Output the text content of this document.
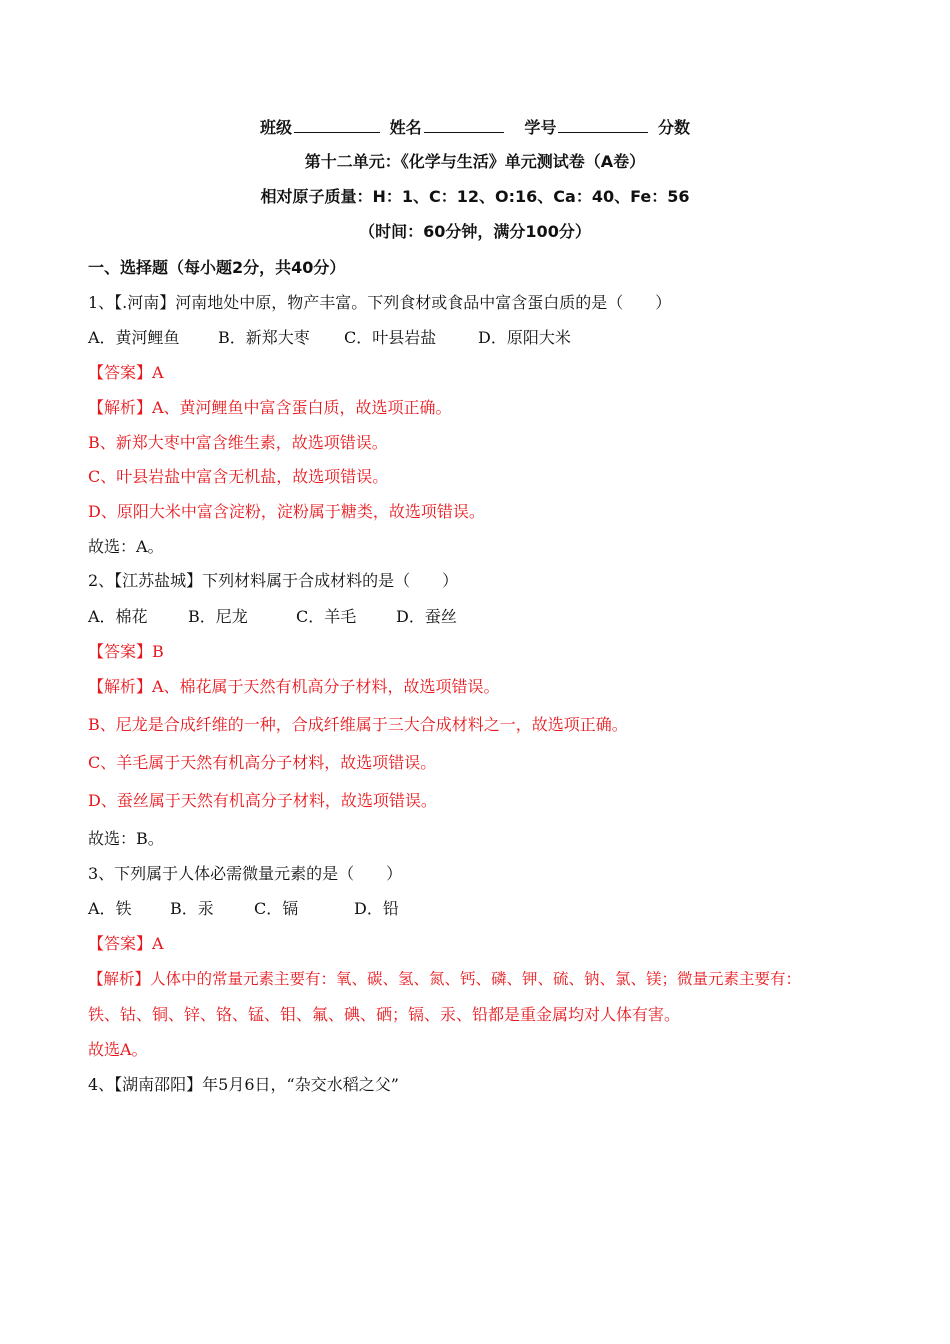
班级	姓名	学号	分数
第十二单元：《化学与生活》单元测试卷（A卷）
相对原子质量：H：1、C：12、O:16、Ca：40、Fe：56
（时间：60分钟，满分100分）
一、选择题（每小题2分，共40分）
1、【.河南】河南地处中原，物产丰富。下列食材或食品中富含蛋白质的是（　　）
A．黄河鲤鱼 B．新郑大枣 C．叶县岩盐	D．原阳大米
【答案】A
【解析】A、黄河鲤鱼中富含蛋白质，故选项正确。
B、新郑大枣中富含维生素，故选项错误。
C、叶县岩盐中富含无机盐，故选项错误。
D、原阳大米中富含淀粉，淀粉属于糖类，故选项错误。
故选：A。
2、【江苏盐城】下列材料属于合成材料的是（　　）
A．棉花	B．尼龙	C．羊毛 D．蚕丝
【答案】B
【解析】A、棉花属于天然有机高分子材料，故选项错误。
B、尼龙是合成纤维的一种，合成纤维属于三大合成材料之一，故选项正确。
C、羊毛属于天然有机高分子材料，故选项错误。
D、蚕丝属于天然有机高分子材料，故选项错误。
故选：B。
3、下列属于人体必需微量元素的是（　　）
A．铁 B．汞	C．镉	D．铅
【答案】A
【解析】人体中的常量元素主要有：氧、碳、氢、氮、钙、磷、钾、硫、钠、氯、镁；微量元素主要有：
铁、钴、铜、锌、铬、锰、钼、氟、碘、硒；镉、汞、铅都是重金属均对人体有害。
故选A。
4、【湖南邵阳】年5月6日，“杂交水稻之父”
